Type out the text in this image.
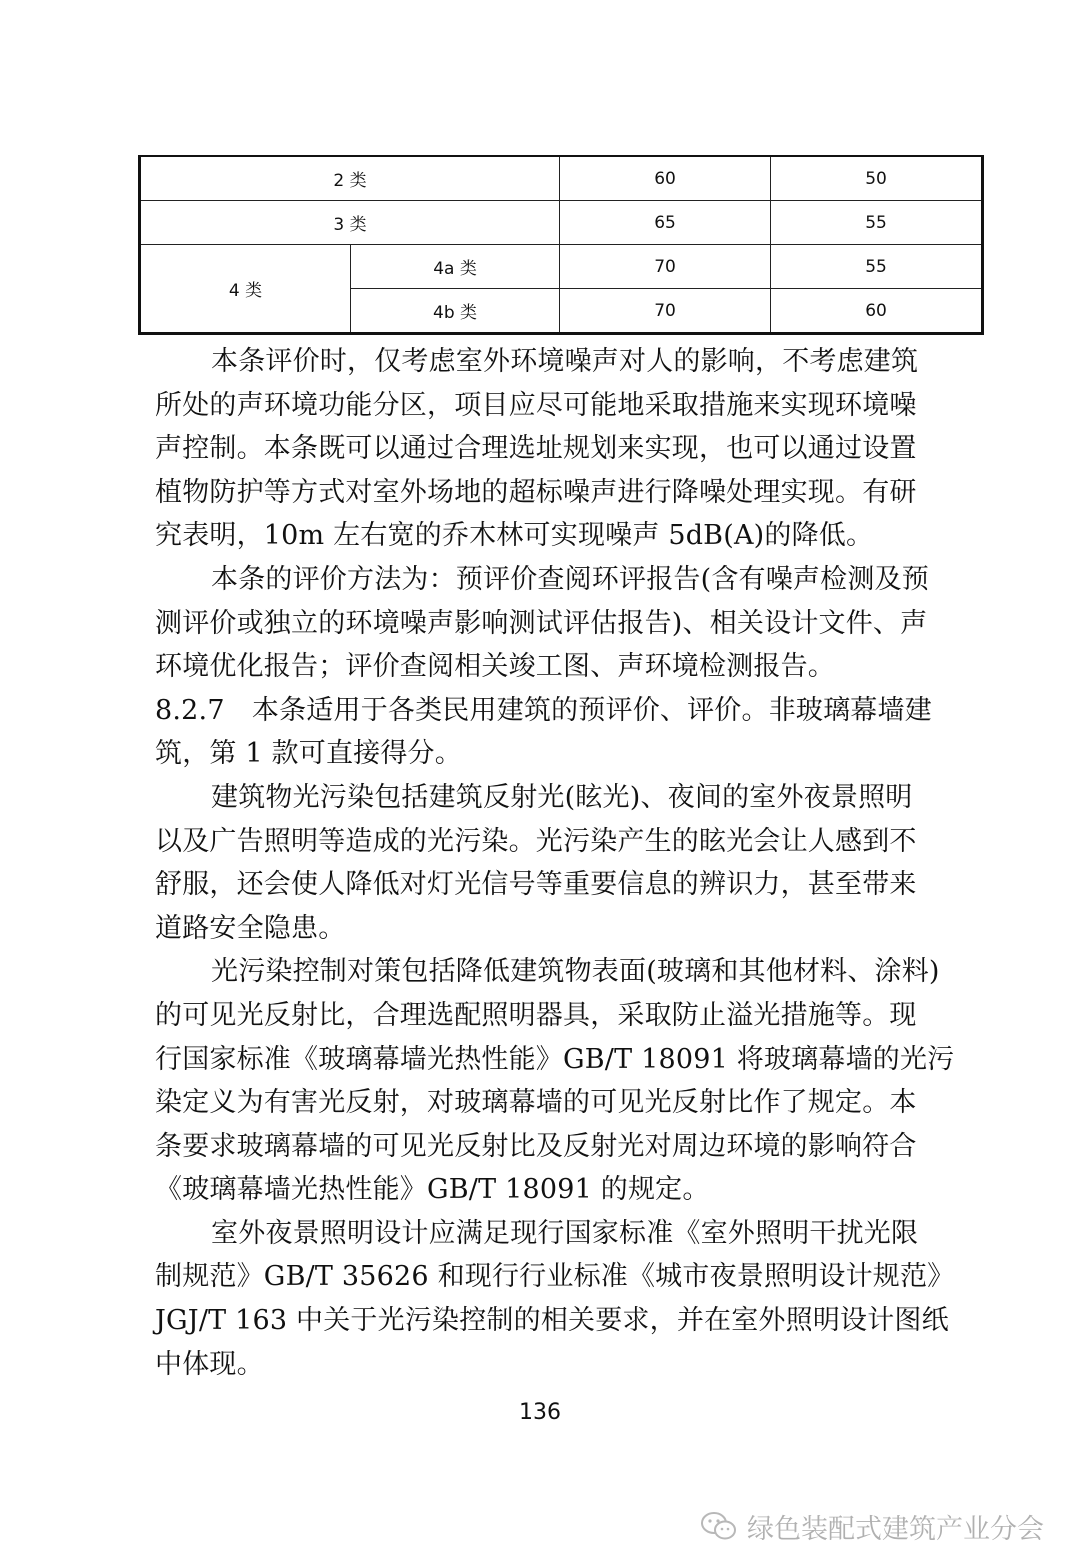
2 类		60	50
3 类		65	55
4 类	4a 类	70	55
	4b 类	70	60
本条评价时，仅考虑室外环境噪声对人的影响，不考虑建筑
所处的声环境功能分区，项目应尽可能地采取措施来实现环境噪
声控制。本条既可以通过合理选址规划来实现，也可以通过设置
植物防护等方式对室外场地的超标噪声进行降噪处理实现。有研
究表明，10m 左右宽的乔木林可实现噪声 5dB(A)的降低。
本条的评价方法为：预评价查阅环评报告(含有噪声检测及预
测评价或独立的环境噪声影响测试评估报告)、相关设计文件、声
环境优化报告；评价查阅相关竣工图、声环境检测报告。
8.2.7　本条适用于各类民用建筑的预评价、评价。非玻璃幕墙建
筑，第 1 款可直接得分。
建筑物光污染包括建筑反射光(眩光)、夜间的室外夜景照明
以及广告照明等造成的光污染。光污染产生的眩光会让人感到不
舒服，还会使人降低对灯光信号等重要信息的辨识力，甚至带来
道路安全隐患。
光污染控制对策包括降低建筑物表面(玻璃和其他材料、涂料)
的可见光反射比，合理选配照明器具，采取防止溢光措施等。现
行国家标准《玻璃幕墙光热性能》GB/T 18091 将玻璃幕墙的光污
染定义为有害光反射，对玻璃幕墙的可见光反射比作了规定。本
条要求玻璃幕墙的可见光反射比及反射光对周边环境的影响符合
《玻璃幕墙光热性能》GB/T 18091 的规定。
室外夜景照明设计应满足现行国家标准《室外照明干扰光限
制规范》GB/T 35626 和现行行业标准《城市夜景照明设计规范》
JGJ/T 163 中关于光污染控制的相关要求，并在室外照明设计图纸
中体现。
136
绿色装配式建筑产业分会
